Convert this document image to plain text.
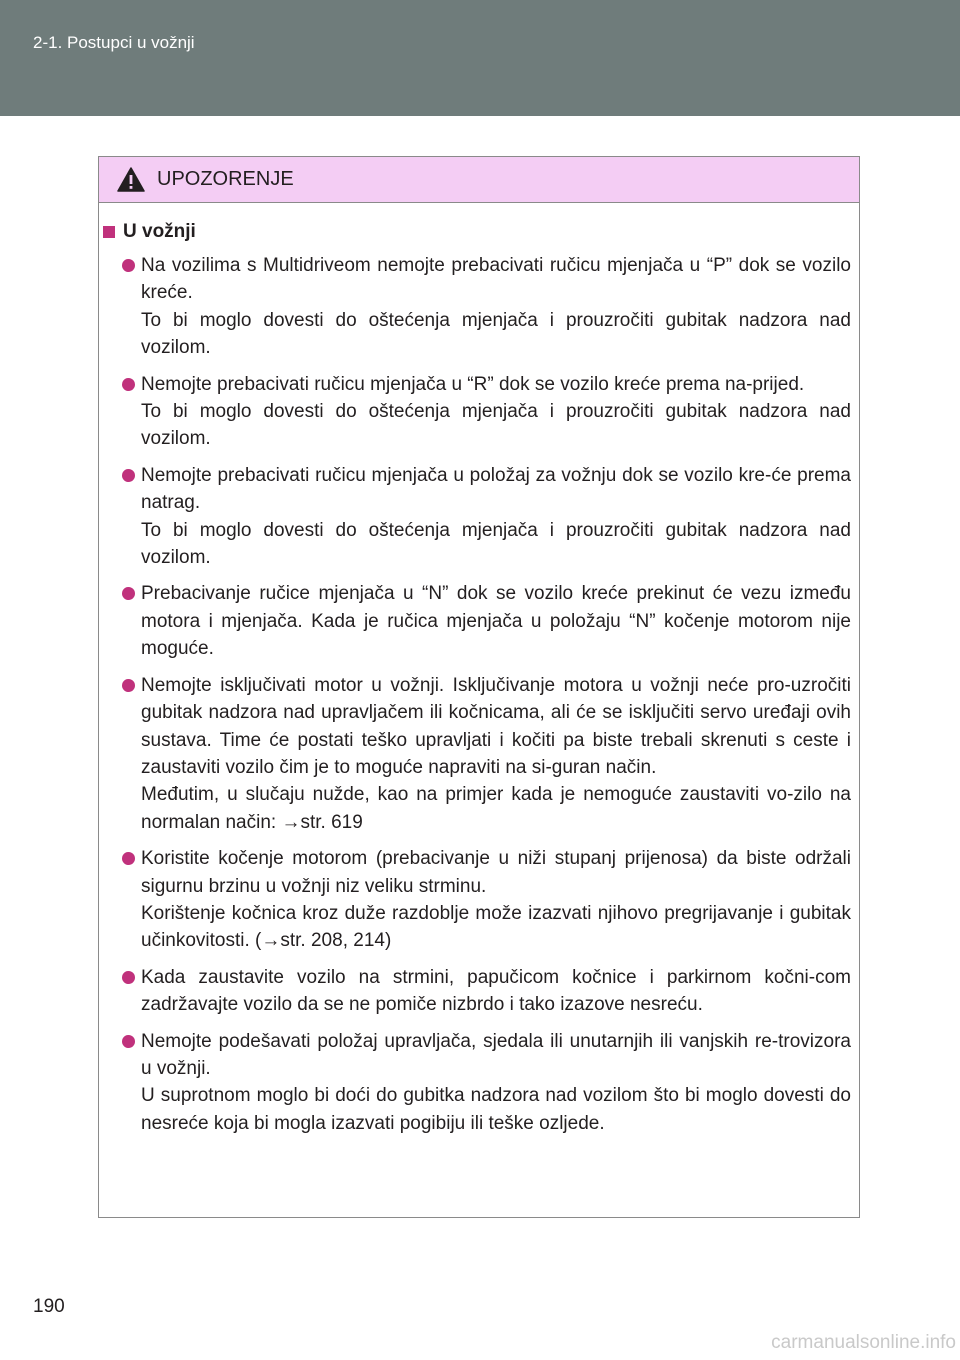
2-1. Postupci u vožnji
UPOZORENJE
U vožnji
Na vozilima s Multidriveom nemojte prebacivati ručicu mjenjača u “P” dok se vozilo kreće.
To bi moglo dovesti do oštećenja mjenjača i prouzročiti gubitak nadzora nad vozilom.
Nemojte prebacivati ručicu mjenjača u “R” dok se vozilo kreće prema na-prijed.
To bi moglo dovesti do oštećenja mjenjača i prouzročiti gubitak nadzora nad vozilom.
Nemojte prebacivati ručicu mjenjača u položaj za vožnju dok se vozilo kre-će prema natrag.
To bi moglo dovesti do oštećenja mjenjača i prouzročiti gubitak nadzora nad vozilom.
Prebacivanje ručice mjenjača u “N” dok se vozilo kreće prekinut će vezu između motora i mjenjača. Kada je ručica mjenjača u položaju “N” kočenje motorom nije moguće.
Nemojte isključivati motor u vožnji. Isključivanje motora u vožnji neće pro-uzročiti gubitak nadzora nad upravljačem ili kočnicama, ali će se isključiti servo uređaji ovih sustava. Time će postati teško upravljati i kočiti pa biste trebali skrenuti s ceste i zaustaviti vozilo čim je to moguće napraviti na si-guran način.
Međutim, u slučaju nužde, kao na primjer kada je nemoguće zaustaviti vo-zilo na normalan način: →str. 619
Koristite kočenje motorom (prebacivanje u niži stupanj prijenosa) da biste održali sigurnu brzinu u vožnji niz veliku strminu.
Korištenje kočnica kroz duže razdoblje može izazvati njihovo pregrijavanje i gubitak učinkovitosti. (→str. 208, 214)
Kada zaustavite vozilo na strmini, papučicom kočnice i parkirnom kočni-com zadržavajte vozilo da se ne pomiče nizbrdo i tako izazove nesreću.
Nemojte podešavati položaj upravljača, sjedala ili unutarnjih ili vanjskih re-trovizora u vožnji.
U suprotnom moglo bi doći do gubitka nadzora nad vozilom što bi moglo dovesti do nesreće koja bi mogla izazvati pogibiju ili teške ozljede.
190
carmanualsonline.info
